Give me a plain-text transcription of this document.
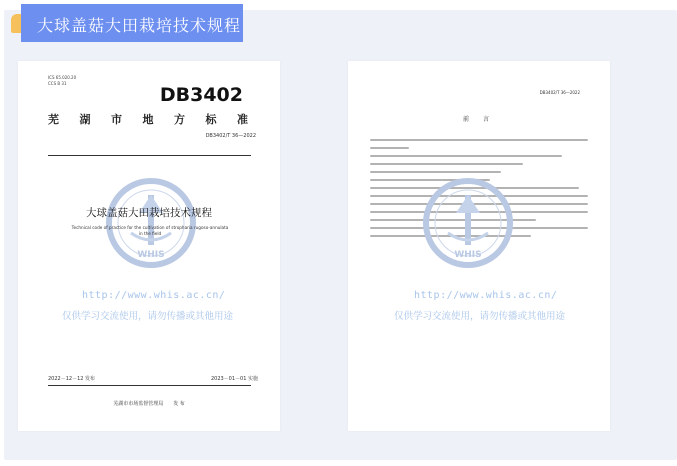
大球盖菇大田栽培技术规程
ICS 65.020.20
CCS B 31
DB3402
芜 湖 市 地 方 标 准
DB3402/T 36—2022
WHIS
大球盖菇大田栽培技术规程
Technical code of practice for the cultivation of stropharia rugoso-annulata in the field
http://www.whis.ac.cn/
仅供学习交流使用，请勿传播或其他用途
2022－12－12 发布	2023－01－01 实施
芜湖市市场监督管理局　　发 布
DB3402/T 36—2022
前 言
WHIS
http://www.whis.ac.cn/
仅供学习交流使用，请勿传播或其他用途
